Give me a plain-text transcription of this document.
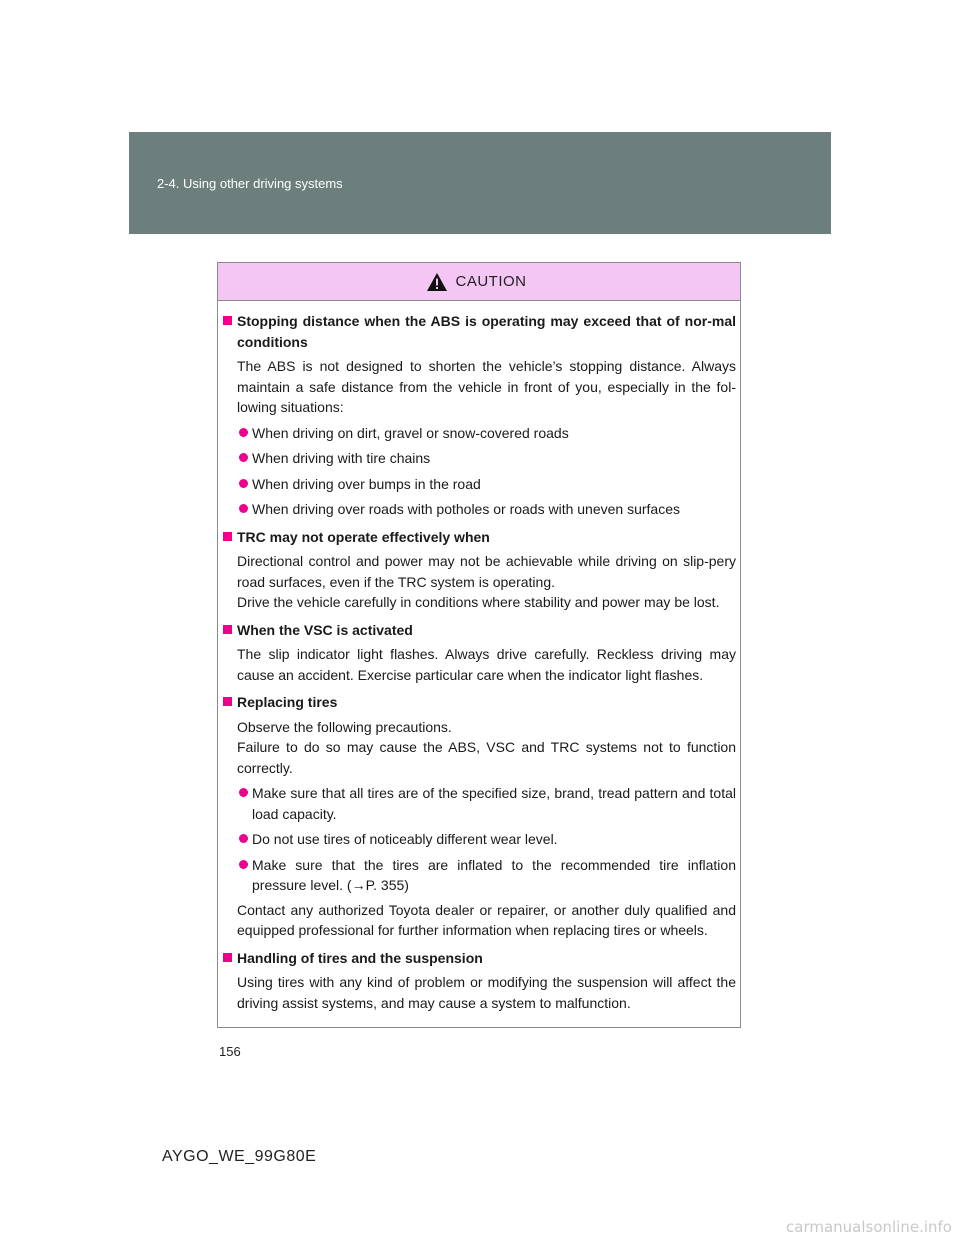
2-4. Using other driving systems
CAUTION
Stopping distance when the ABS is operating may exceed that of nor-mal conditions
The ABS is not designed to shorten the vehicle’s stopping distance. Always maintain a safe distance from the vehicle in front of you, especially in the fol-lowing situations:
When driving on dirt, gravel or snow-covered roads
When driving with tire chains
When driving over bumps in the road
When driving over roads with potholes or roads with uneven surfaces
TRC may not operate effectively when
Directional control and power may not be achievable while driving on slip-pery road surfaces, even if the TRC system is operating.
Drive the vehicle carefully in conditions where stability and power may be lost.
When the VSC is activated
The slip indicator light flashes. Always drive carefully. Reckless driving may cause an accident. Exercise particular care when the indicator light flashes.
Replacing tires
Observe the following precautions.
Failure to do so may cause the ABS, VSC and TRC systems not to function correctly.
Make sure that all tires are of the specified size, brand, tread pattern and total load capacity.
Do not use tires of noticeably different wear level.
Make sure that the tires are inflated to the recommended tire inflation pressure level. (→P. 355)
Contact any authorized Toyota dealer or repairer, or another duly qualified and equipped professional for further information when replacing tires or wheels.
Handling of tires and the suspension
Using tires with any kind of problem or modifying the suspension will affect the driving assist systems, and may cause a system to malfunction.
156
AYGO_WE_99G80E
carmanualsonline.info
